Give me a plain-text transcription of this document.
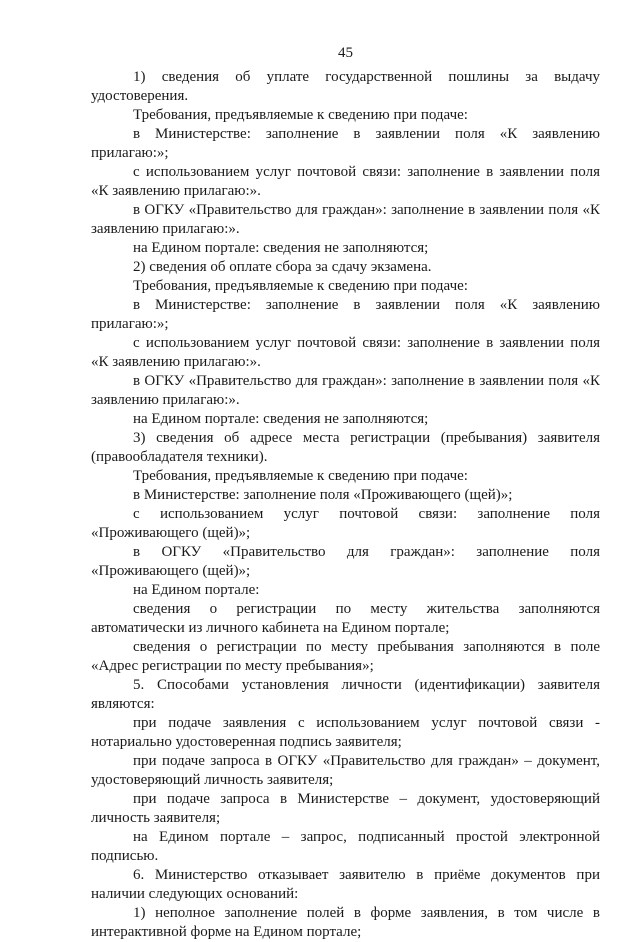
45

1) сведения об уплате государственной пошлины за выдачу удостоверения.

Требования, предъявляемые к сведению при подаче:

в Министерстве: заполнение в заявлении поля «К заявлению прилагаю:»;

с использованием услуг почтовой связи: заполнение в заявлении поля «К заявлению прилагаю:».

в ОГКУ «Правительство для граждан»: заполнение в заявлении поля «К заявлению прилагаю:».

на Едином портале: сведения не заполняются;

2) сведения об оплате сбора за сдачу экзамена.

Требования, предъявляемые к сведению при подаче:

в Министерстве: заполнение в заявлении поля «К заявлению прилагаю:»;

с использованием услуг почтовой связи: заполнение в заявлении поля «К заявлению прилагаю:».

в ОГКУ «Правительство для граждан»: заполнение в заявлении поля «К заявлению прилагаю:».

на Едином портале: сведения не заполняются;

3) сведения об адресе места регистрации (пребывания) заявителя (правообладателя техники).

Требования, предъявляемые к сведению при подаче:

в Министерстве: заполнение поля «Проживающего (щей)»;

с использованием услуг почтовой связи: заполнение поля «Проживающего (щей)»;

в ОГКУ «Правительство для граждан»: заполнение поля «Проживающего (щей)»;

на Едином портале:

сведения о регистрации по месту жительства заполняются автоматически из личного кабинета на Едином портале;

сведения о регистрации по месту пребывания заполняются в поле «Адрес регистрации по месту пребывания»;

5. Способами установления личности (идентификации) заявителя являются:

при подаче заявления с использованием услуг почтовой связи - нотариально удостоверенная подпись заявителя;

при подаче запроса в ОГКУ «Правительство для граждан» – документ, удостоверяющий личность заявителя;

при подаче запроса в Министерстве – документ, удостоверяющий личность заявителя;

на Едином портале – запрос, подписанный простой электронной подписью.

6. Министерство отказывает заявителю в приёме документов при наличии следующих оснований:

1) неполное заполнение полей в форме заявления, в том числе в интерактивной форме на Едином портале;
